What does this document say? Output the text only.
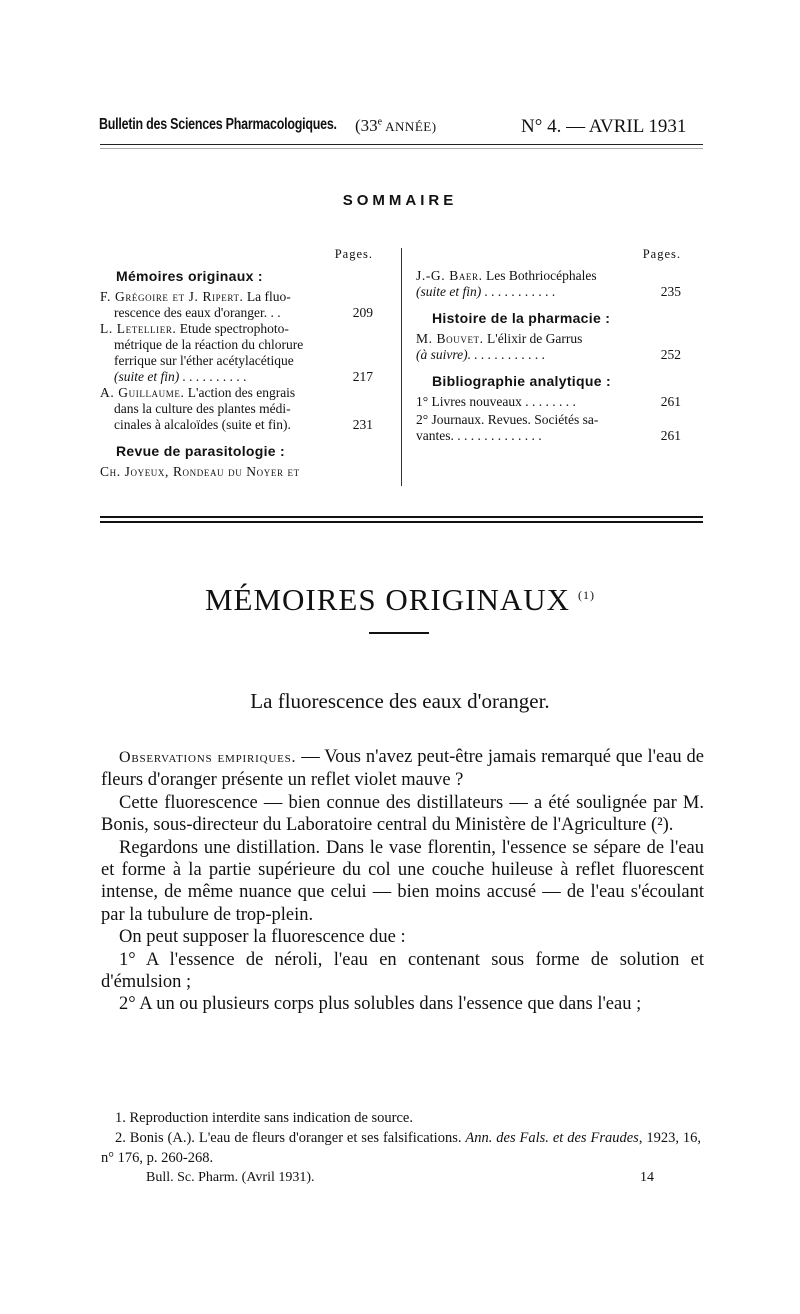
Bulletin des Sciences Pharmacologiques. (33e ANNÉE)	N° 4. — AVRIL 1931
SOMMAIRE
Pages.
Mémoires originaux :
F. Grégoire et J. Ripert. La fluo-
rescence des eaux d'oranger. . .	209
L. Letellier. Etude spectrophoto-
métrique de la réaction du chlorure
ferrique sur l'éther acétylacétique
(suite et fin) . . . . . . . . . .	217
A. Guillaume. L'action des engrais
dans la culture des plantes médi-
cinales à alcaloïdes (suite et fin).	231
Revue de parasitologie :
Ch. Joyeux, Rondeau du Noyer et
Pages.
J.-G. Baer. Les Bothriocéphales
(suite et fin) . . . . . . . . . . .	235
Histoire de la pharmacie :
M. Bouvet. L'élixir de Garrus
(à suivre). . . . . . . . . . . .	252
Bibliographie analytique :
1° Livres nouveaux . . . . . . . .	261
2° Journaux. Revues. Sociétés sa-
vantes. . . . . . . . . . . . . .	261
MÉMOIRES ORIGINAUX $^{(1)}$
La fluorescence des eaux d'oranger.

Observations empiriques. — Vous n'avez peut-être jamais remarqué que l'eau de fleurs d'oranger présente un reflet violet mauve ?

Cette fluorescence — bien connue des distillateurs — a été soulignée par M. Bonis, sous-directeur du Laboratoire central du Ministère de l'Agriculture (²).

Regardons une distillation. Dans le vase florentin, l'essence se sépare de l'eau et forme à la partie supérieure du col une couche huileuse à reflet fluorescent intense, de même nuance que celui — bien moins accusé — de l'eau s'écoulant par la tubulure de trop-plein.

On peut supposer la fluorescence due :

1° A l'essence de néroli, l'eau en contenant sous forme de solution et d'émulsion ;

2° A un ou plusieurs corps plus solubles dans l'essence que dans l'eau ;

1. Reproduction interdite sans indication de source.

2. Bonis (A.). L'eau de fleurs d'oranger et ses falsifications. Ann. des Fals. et des Fraudes, 1923, 16, n° 176, p. 260-268.

Bull. Sc. Pharm. (Avril 1931).	14
